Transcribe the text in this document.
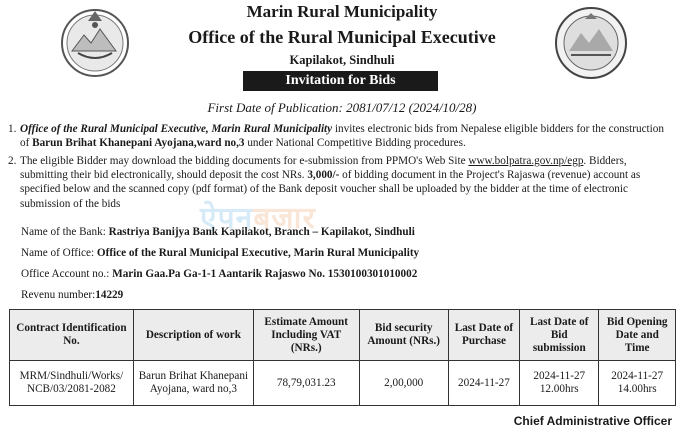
Marin Rural Municipality
Office of the Rural Municipal Executive
Kapilakot, Sindhuli
Invitation for Bids
First Date of Publication: 2081/07/12 (2024/10/28)
ऐपनबजार
1. Office of the Rural Municipal Executive, Marin Rural Municipality invites electronic bids from Nepalese eligible bidders for the construction of Barun Brihat Khanepani Ayojana,ward no,3 under National Competitive Bidding procedures.
2. The eligible Bidder may download the bidding documents for e-submission from PPMO's Web Site www.bolpatra.gov.np/egp. Bidders, submitting their bid electronically, should deposit the cost NRs. 3,000/- of bidding document in the Project's Rajaswa (revenue) account as specified below and the scanned copy (pdf format) of the Bank deposit voucher shall be uploaded by the bidder at the time of electronic submission of the bids
Name of the Bank: Rastriya Banijya Bank Kapilakot, Branch – Kapilakot, Sindhuli
Name of Office: Office of the Rural Municipal Executive, Marin Rural Municipality
Office Account no.: Marin Gaa.Pa Ga-1-1 Aantarik Rajaswo No. 1530100301010002
Revenu number:14229
Contract Identification No.	Description of work	Estimate Amount Including VAT (NRs.)	Bid security Amount (NRs.)	Last Date of Purchase	Last Date of Bid submission	Bid Opening Date and Time
MRM/Sindhuli/Works/ NCB/03/2081-2082	Barun Brihat Khanepani Ayojana, ward no,3	78,79,031.23	2,00,000	2024-11-27	2024-11-27 12.00hrs	2024-11-27 14.00hrs
Chief Administrative Officer
